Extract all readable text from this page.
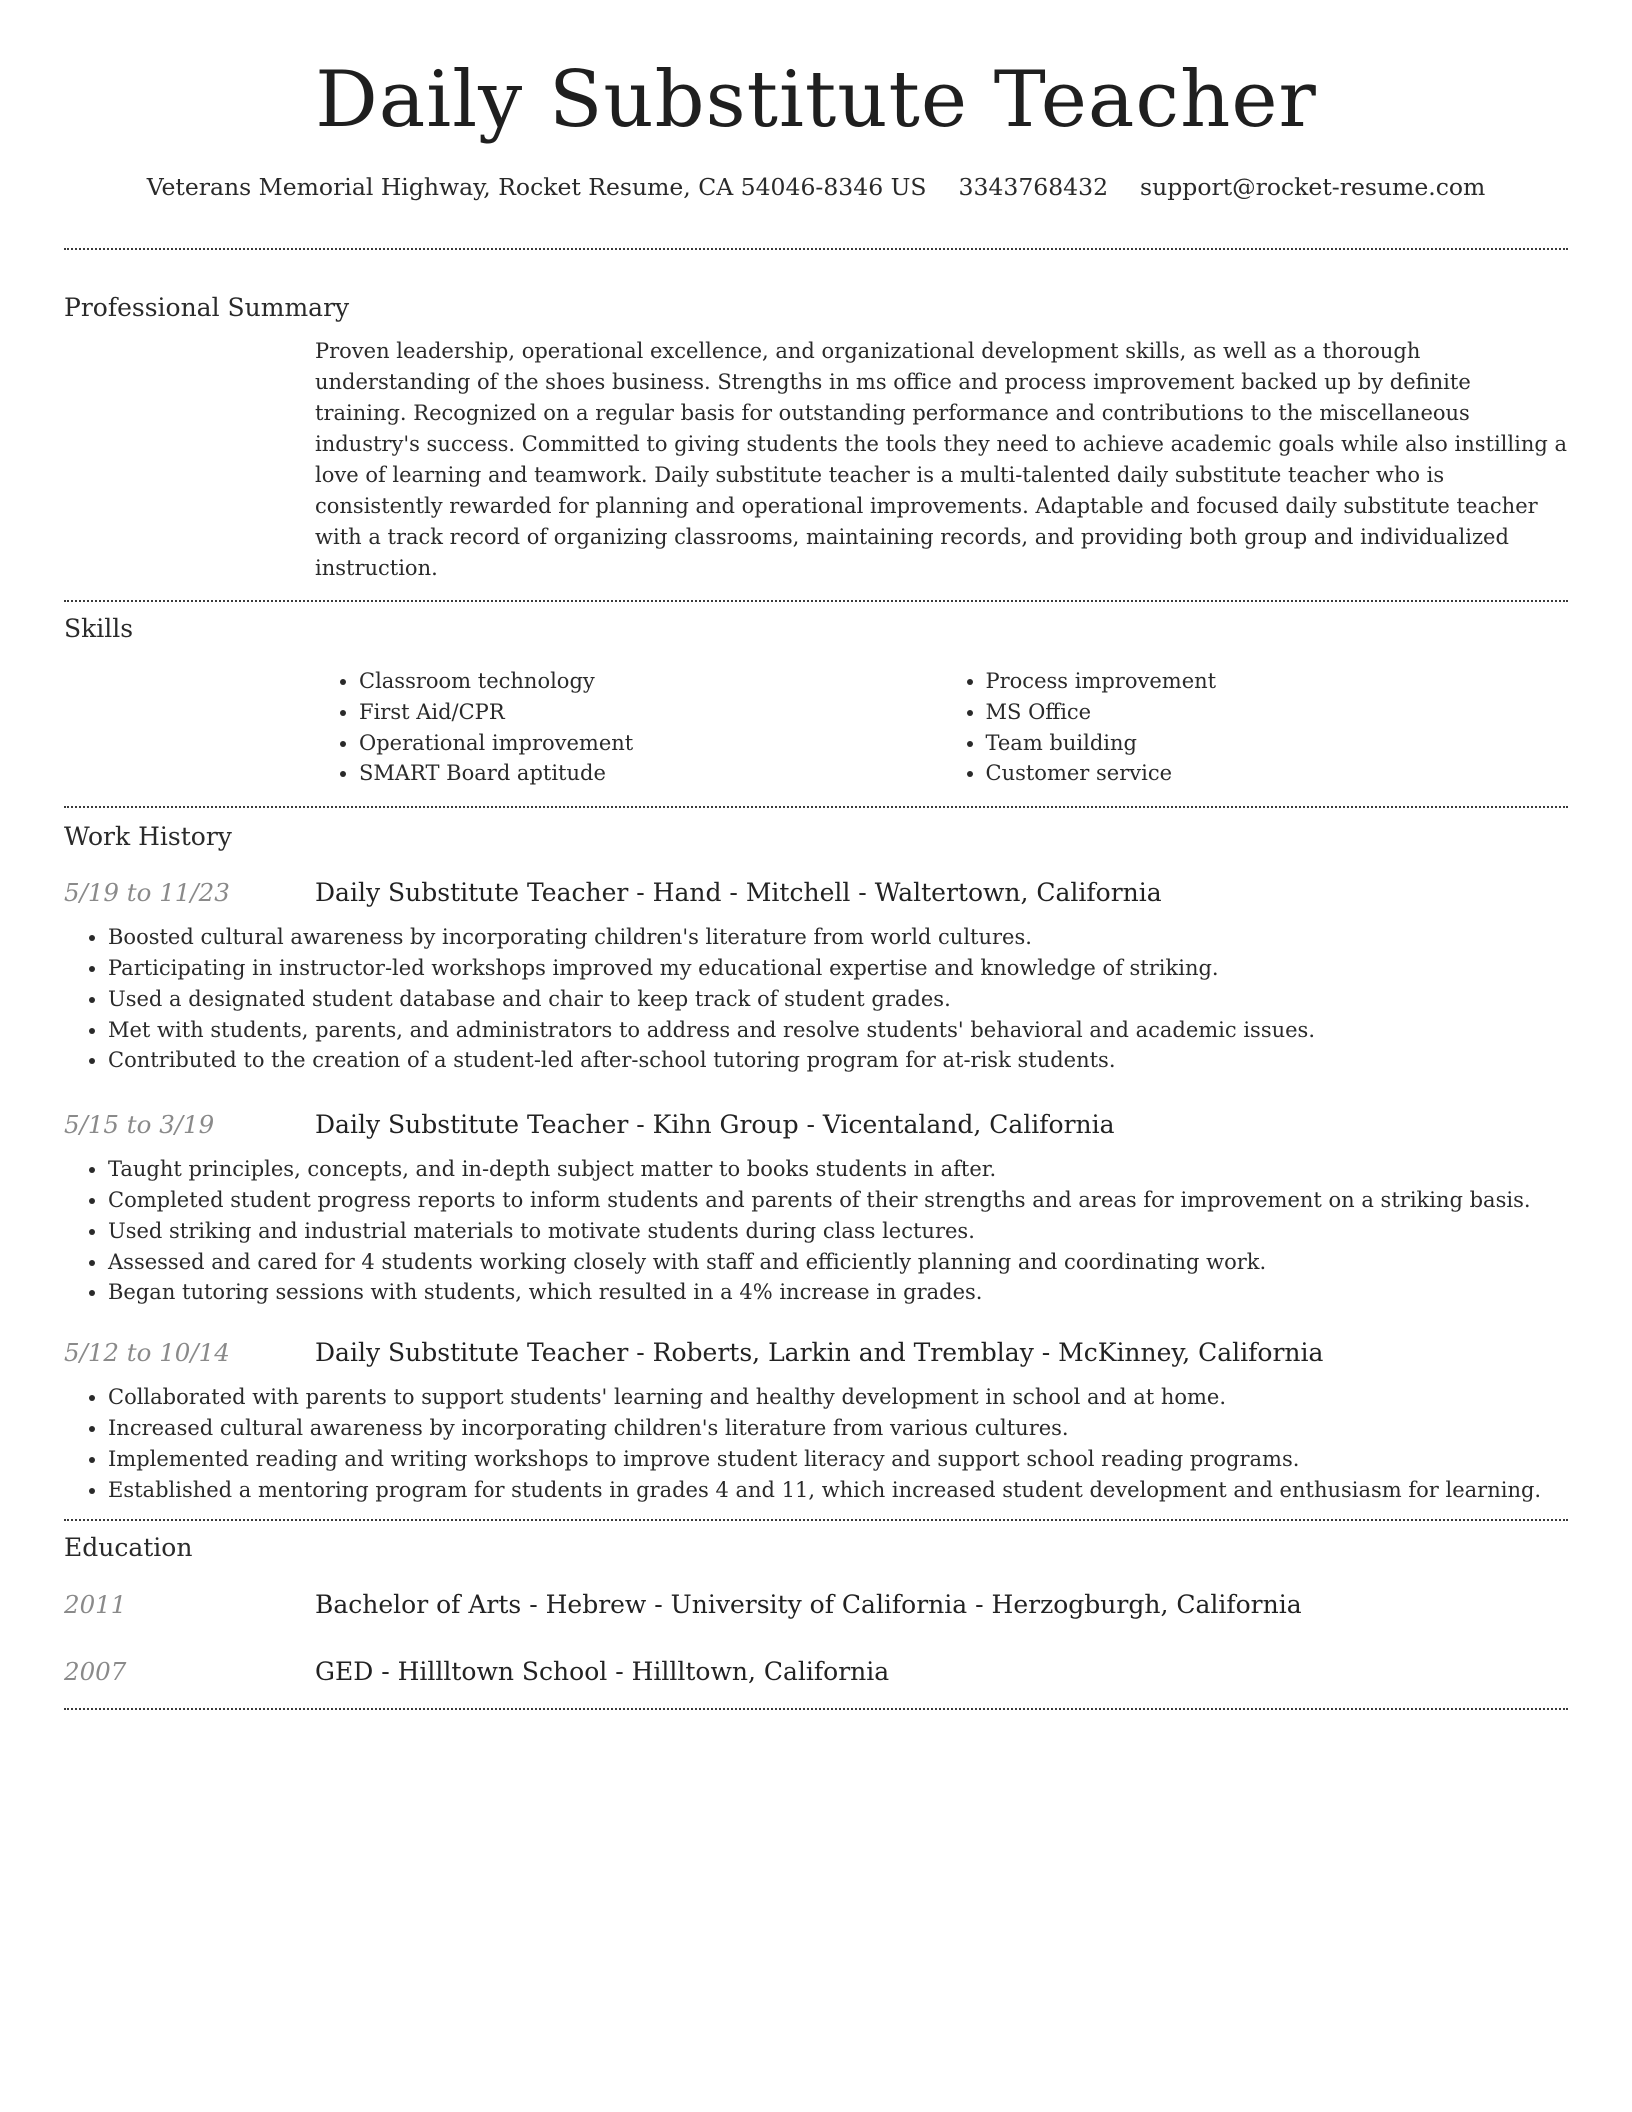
Daily Substitute Teacher
Veterans Memorial Highway, Rocket Resume, CA 54046-8346 US 3343768432 support@rocket-resume.com
Professional Summary
Proven leadership, operational excellence, and organizational development skills, as well as a thorough understanding of the shoes business. Strengths in ms office and process improvement backed up by definite training. Recognized on a regular basis for outstanding performance and contributions to the miscellaneous industry's success. Committed to giving students the tools they need to achieve academic goals while also instilling a love of learning and teamwork. Daily substitute teacher is a multi-talented daily substitute teacher who is consistently rewarded for planning and operational improvements. Adaptable and focused daily substitute teacher with a track record of organizing classrooms, maintaining records, and providing both group and individualized instruction.
Skills
• Classroom technology
• First Aid/CPR
• Operational improvement
• SMART Board aptitude
• Process improvement
• MS Office
• Team building
• Customer service
Work History
5/19 to 11/23	Daily Substitute Teacher - Hand - Mitchell - Waltertown, California
• Boosted cultural awareness by incorporating children's literature from world cultures.
• Participating in instructor-led workshops improved my educational expertise and knowledge of striking.
• Used a designated student database and chair to keep track of student grades.
• Met with students, parents, and administrators to address and resolve students' behavioral and academic issues.
• Contributed to the creation of a student-led after-school tutoring program for at-risk students.
5/15 to 3/19	Daily Substitute Teacher - Kihn Group - Vicentaland, California
• Taught principles, concepts, and in-depth subject matter to books students in after.
• Completed student progress reports to inform students and parents of their strengths and areas for improvement on a striking basis.
• Used striking and industrial materials to motivate students during class lectures.
• Assessed and cared for 4 students working closely with staff and efficiently planning and coordinating work.
• Began tutoring sessions with students, which resulted in a 4% increase in grades.
5/12 to 10/14	Daily Substitute Teacher - Roberts, Larkin and Tremblay - McKinney, California
• Collaborated with parents to support students' learning and healthy development in school and at home.
• Increased cultural awareness by incorporating children's literature from various cultures.
• Implemented reading and writing workshops to improve student literacy and support school reading programs.
• Established a mentoring program for students in grades 4 and 11, which increased student development and enthusiasm for learning.
Education
2011	Bachelor of Arts - Hebrew - University of California - Herzogburgh, California
2007	GED - Hillltown School - Hillltown, California
